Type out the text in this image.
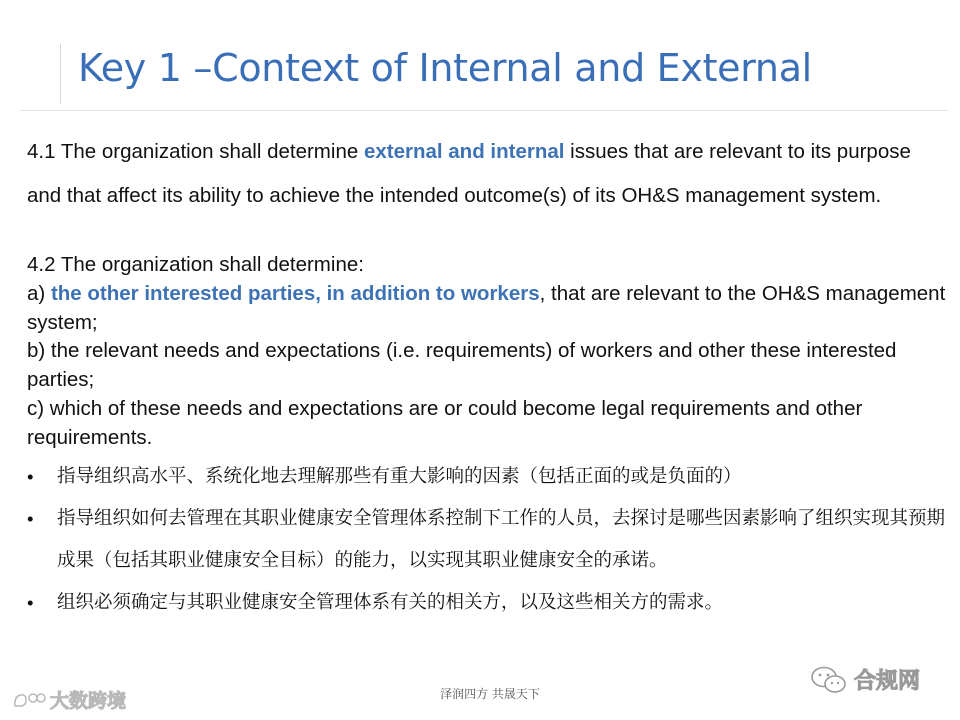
Key 1 –Context of Internal and External

4.1 The organization shall determine external and internal issues that are relevant to its purpose and that affect its ability to achieve the intended outcome(s) of its OH&S management system.

4.2 The organization shall determine:
a) the other interested parties, in addition to workers, that are relevant to the OH&S management system;
b) the relevant needs and expectations (i.e. requirements) of workers and other these interested parties;
c) which of these needs and expectations are or could become legal requirements and other requirements.
• 指导组织高水平、系统化地去理解那些有重大影响的因素（包括正面的或是负面的）
• 指导组织如何去管理在其职业健康安全管理体系控制下工作的人员，去探讨是哪些因素影响了组织实现其预期成果（包括其职业健康安全目标）的能力，以实现其职业健康安全的承诺。
• 组织必须确定与其职业健康安全管理体系有关的相关方，以及这些相关方的需求。
泽润四方 共晟天下
大数跨境
合规网
